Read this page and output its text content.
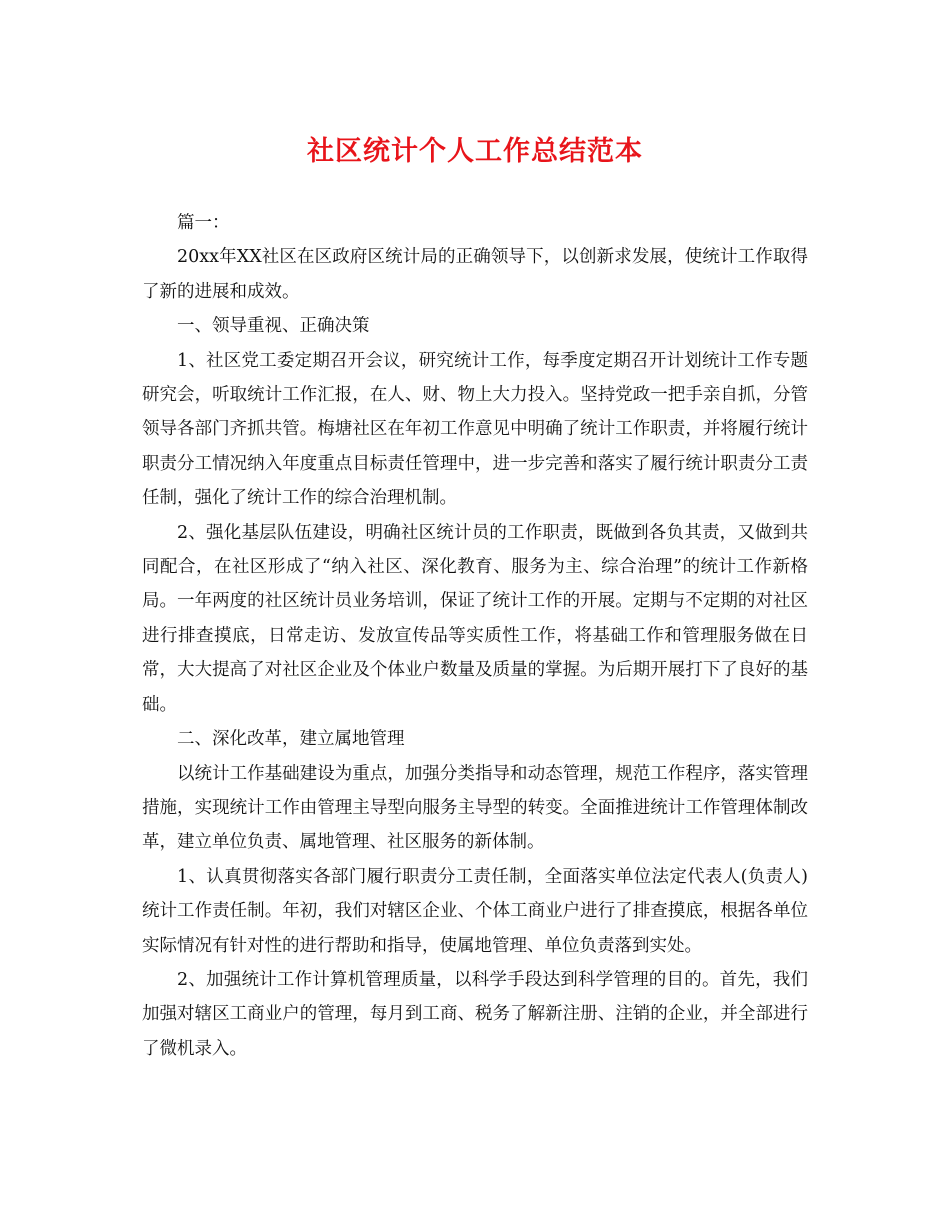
社区统计个人工作总结范本

篇一：

20xx年XX社区在区政府区统计局的正确领导下，以创新求发展，使统计工作取得了新的进展和成效。

一、领导重视、正确决策

1、社区党工委定期召开会议，研究统计工作，每季度定期召开计划统计工作专题研究会，听取统计工作汇报，在人、财、物上大力投入。坚持党政一把手亲自抓，分管领导各部门齐抓共管。梅塘社区在年初工作意见中明确了统计工作职责，并将履行统计职责分工情况纳入年度重点目标责任管理中，进一步完善和落实了履行统计职责分工责任制，强化了统计工作的综合治理机制。

2、强化基层队伍建设，明确社区统计员的工作职责，既做到各负其责，又做到共同配合，在社区形成了“纳入社区、深化教育、服务为主、综合治理”的统计工作新格局。一年两度的社区统计员业务培训，保证了统计工作的开展。定期与不定期的对社区进行排查摸底，日常走访、发放宣传品等实质性工作，将基础工作和管理服务做在日常，大大提高了对社区企业及个体业户数量及质量的掌握。为后期开展打下了良好的基础。

二、深化改革，建立属地管理

以统计工作基础建设为重点，加强分类指导和动态管理，规范工作程序，落实管理措施，实现统计工作由管理主导型向服务主导型的转变。全面推进统计工作管理体制改革，建立单位负责、属地管理、社区服务的新体制。

1、认真贯彻落实各部门履行职责分工责任制，全面落实单位法定代表人(负责人)统计工作责任制。年初，我们对辖区企业、个体工商业户进行了排查摸底，根据各单位实际情况有针对性的进行帮助和指导，使属地管理、单位负责落到实处。

2、加强统计工作计算机管理质量，以科学手段达到科学管理的目的。首先，我们加强对辖区工商业户的管理，每月到工商、税务了解新注册、注销的企业，并全部进行了微机录入。
